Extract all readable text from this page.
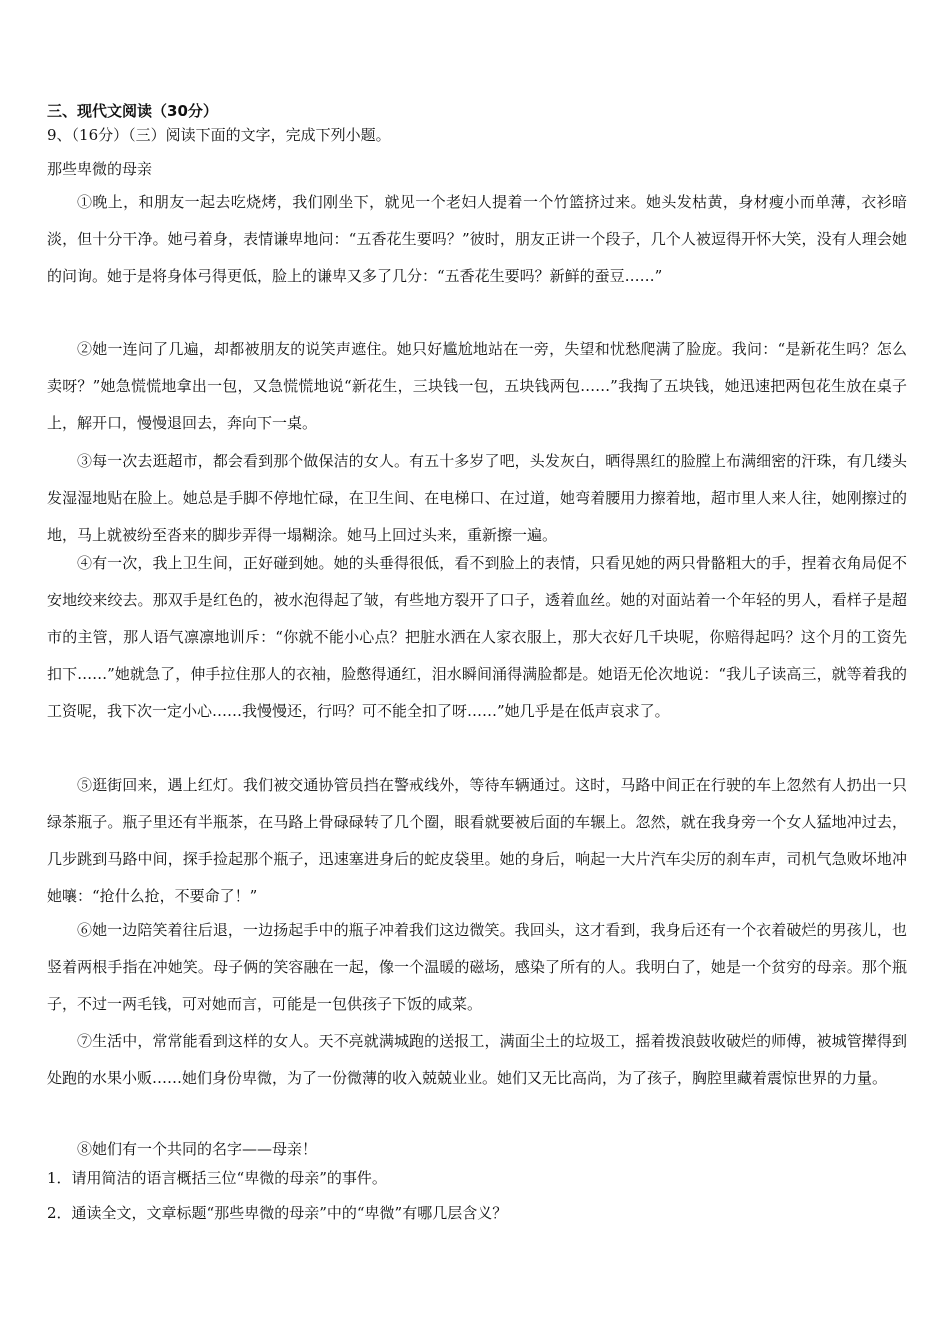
三、现代文阅读（30分）
9、（16分）（三）阅读下面的文字，完成下列小题。
那些卑微的母亲
①晚上，和朋友一起去吃烧烤，我们刚坐下，就见一个老妇人提着一个竹篮挤过来。她头发枯黄，身材瘦小而单薄，衣衫暗淡，但十分干净。她弓着身，表情谦卑地问：“五香花生要吗？”彼时，朋友正讲一个段子，几个人被逗得开怀大笑，没有人理会她的问询。她于是将身体弓得更低，脸上的谦卑又多了几分：“五香花生要吗？新鲜的蚕豆……”
②她一连问了几遍，却都被朋友的说笑声遮住。她只好尴尬地站在一旁，失望和忧愁爬满了脸庞。我问：“是新花生吗？怎么卖呀？”她急慌慌地拿出一包，又急慌慌地说“新花生，三块钱一包，五块钱两包……”我掏了五块钱，她迅速把两包花生放在桌子上，解开口，慢慢退回去，奔向下一桌。
③每一次去逛超市，都会看到那个做保洁的女人。有五十多岁了吧，头发灰白，晒得黑红的脸膛上布满细密的汗珠，有几缕头发湿湿地贴在脸上。她总是手脚不停地忙碌，在卫生间、在电梯口、在过道，她弯着腰用力擦着地，超市里人来人往，她刚擦过的地，马上就被纷至沓来的脚步弄得一塌糊涂。她马上回过头来，重新擦一遍。
④有一次，我上卫生间，正好碰到她。她的头垂得很低，看不到脸上的表情，只看见她的两只骨骼粗大的手，捏着衣角局促不安地绞来绞去。那双手是红色的，被水泡得起了皱，有些地方裂开了口子，透着血丝。她的对面站着一个年轻的男人，看样子是超市的主管，那人语气凛凛地训斥：“你就不能小心点？把脏水洒在人家衣服上，那大衣好几千块呢，你赔得起吗？这个月的工资先扣下……”她就急了，伸手拉住那人的衣袖，脸憋得通红，泪水瞬间涌得满脸都是。她语无伦次地说：“我儿子读高三，就等着我的工资呢，我下次一定小心……我慢慢还，行吗？可不能全扣了呀……”她几乎是在低声哀求了。
⑤逛街回来，遇上红灯。我们被交通协管员挡在警戒线外，等待车辆通过。这时，马路中间正在行驶的车上忽然有人扔出一只绿茶瓶子。瓶子里还有半瓶茶，在马路上骨碌碌转了几个圈，眼看就要被后面的车辗上。忽然，就在我身旁一个女人猛地冲过去，几步跳到马路中间，探手捡起那个瓶子，迅速塞进身后的蛇皮袋里。她的身后，响起一大片汽车尖厉的刹车声，司机气急败坏地冲她嚷：“抢什么抢，不要命了！”
⑥她一边陪笑着往后退，一边扬起手中的瓶子冲着我们这边微笑。我回头，这才看到，我身后还有一个衣着破烂的男孩儿，也竖着两根手指在冲她笑。母子俩的笑容融在一起，像一个温暖的磁场，感染了所有的人。我明白了，她是一个贫穷的母亲。那个瓶子，不过一两毛钱，可对她而言，可能是一包供孩子下饭的咸菜。
⑦生活中，常常能看到这样的女人。天不亮就满城跑的送报工，满面尘土的垃圾工，摇着拨浪鼓收破烂的师傅，被城管撵得到处跑的水果小贩……她们身份卑微，为了一份微薄的收入兢兢业业。她们又无比高尚，为了孩子，胸腔里藏着震惊世界的力量。
⑧她们有一个共同的名字——母亲！
1．请用简洁的语言概括三位“卑微的母亲”的事件。
2．通读全文，文章标题“那些卑微的母亲”中的“卑微”有哪几层含义？
